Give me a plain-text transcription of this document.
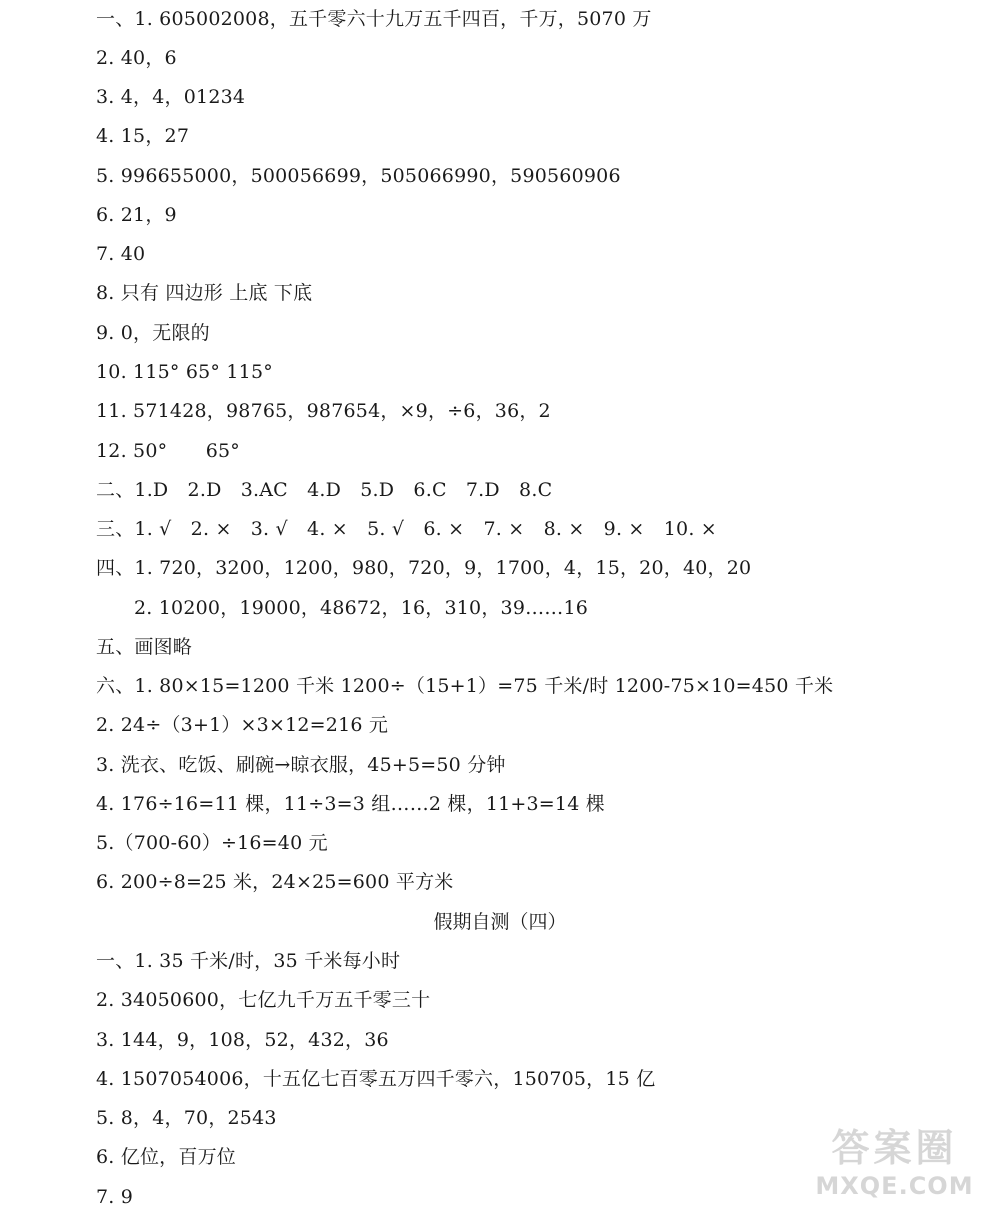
一、1. 605002008，五千零六十九万五千四百，千万，5070 万
2. 40，6
3. 4，4，01234
4. 15，27
5. 996655000，500056699，505066990，590560906
6. 21，9
7. 40
8. 只有 四边形 上底 下底
9. 0，无限的
10. 115° 65° 115°
11. 571428，98765，987654，×9，÷6，36，2
12. 50°　　65°
二、1.D　2.D　3.AC　4.D　5.D　6.C　7.D　8.C
三、1. √　2. ×　3. √　4. ×　5. √　6. ×　7. ×　8. ×　9. ×　10. ×
四、1. 720，3200，1200，980，720，9，1700，4，15，20，40，20
2. 10200，19000，48672，16，310，39……16
五、画图略
六、1. 80×15=1200 千米 1200÷（15+1）=75 千米/时 1200-75×10=450 千米
2. 24÷（3+1）×3×12=216 元
3. 洗衣、吃饭、刷碗→晾衣服，45+5=50 分钟
4. 176÷16=11 棵，11÷3=3 组……2 棵，11+3=14 棵
5.（700-60）÷16=40 元
6. 200÷8=25 米，24×25=600 平方米
假期自测（四）
一、1. 35 千米/时，35 千米每小时
2. 34050600，七亿九千万五千零三十
3. 144，9，108，52，432，36
4. 1507054006，十五亿七百零五万四千零六，150705，15 亿
5. 8，4，70，2543
6. 亿位，百万位
7. 9
答案圈
MXQE.COM
